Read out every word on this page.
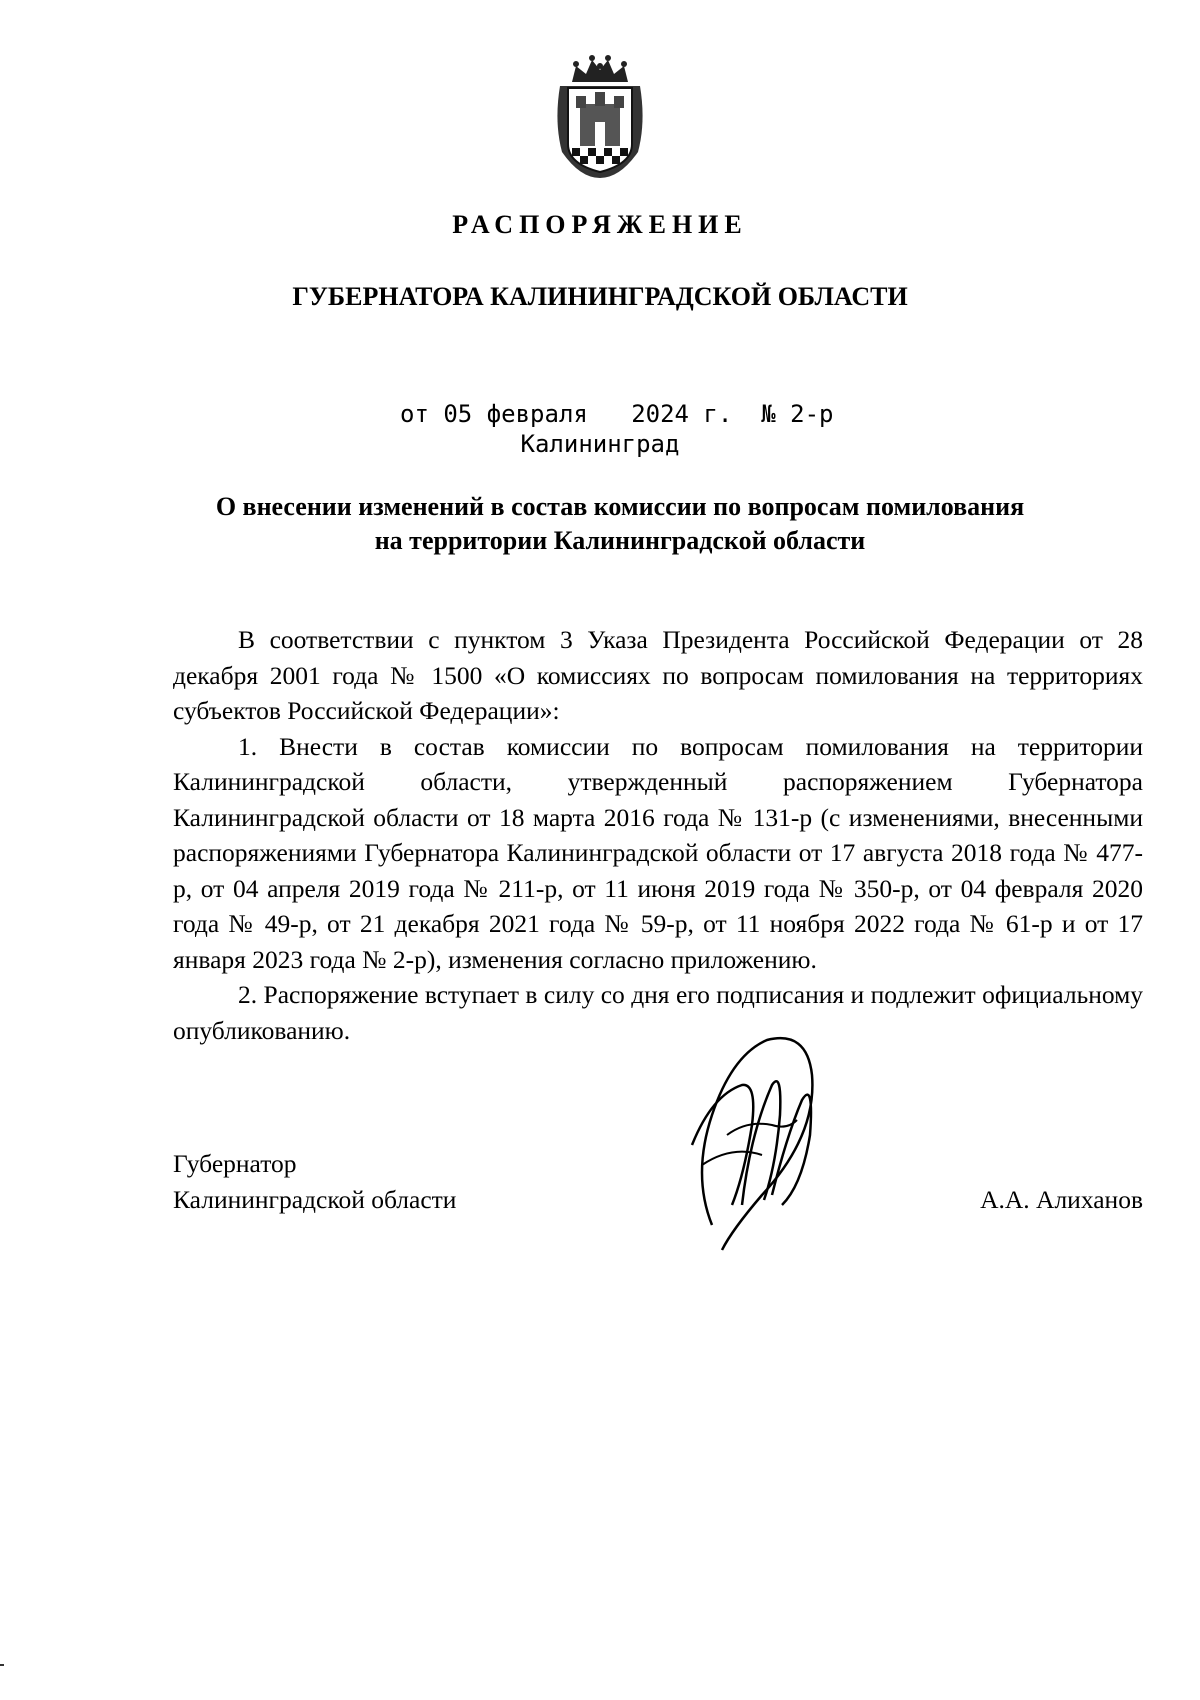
РАСПОРЯЖЕНИЕ
ГУБЕРНАТОРА КАЛИНИНГРАДСКОЙ ОБЛАСТИ
от 05 февраля   2024 г.  № 2-р
Калининград
О внесении изменений в состав комиссии по вопросам помилования
на территории Калининградской области

В соответствии с пунктом 3 Указа Президента Российской Федерации от 28 декабря 2001 года № 1500 «О комиссиях по вопросам помилования на территориях субъектов Российской Федерации»:

1. Внести в состав комиссии по вопросам помилования на территории Калининградской области, утвержденный распоряжением Губернатора Калининградской области от 18 марта 2016 года № 131-р (с изменениями, внесенными распоряжениями Губернатора Калининградской области от 17 августа 2018 года № 477-р, от 04 апреля 2019 года № 211-р, от 11 июня 2019 года № 350-р, от 04 февраля 2020 года № 49-р, от 21 декабря 2021 года № 59-р, от 11 ноября 2022 года № 61-р и от 17 января 2023 года № 2-р), изменения согласно приложению.

2. Распоряжение вступает в силу со дня его подписания и подлежит официальному опубликованию.

Губернатор
Калининградской области	А.А. Алиханов
